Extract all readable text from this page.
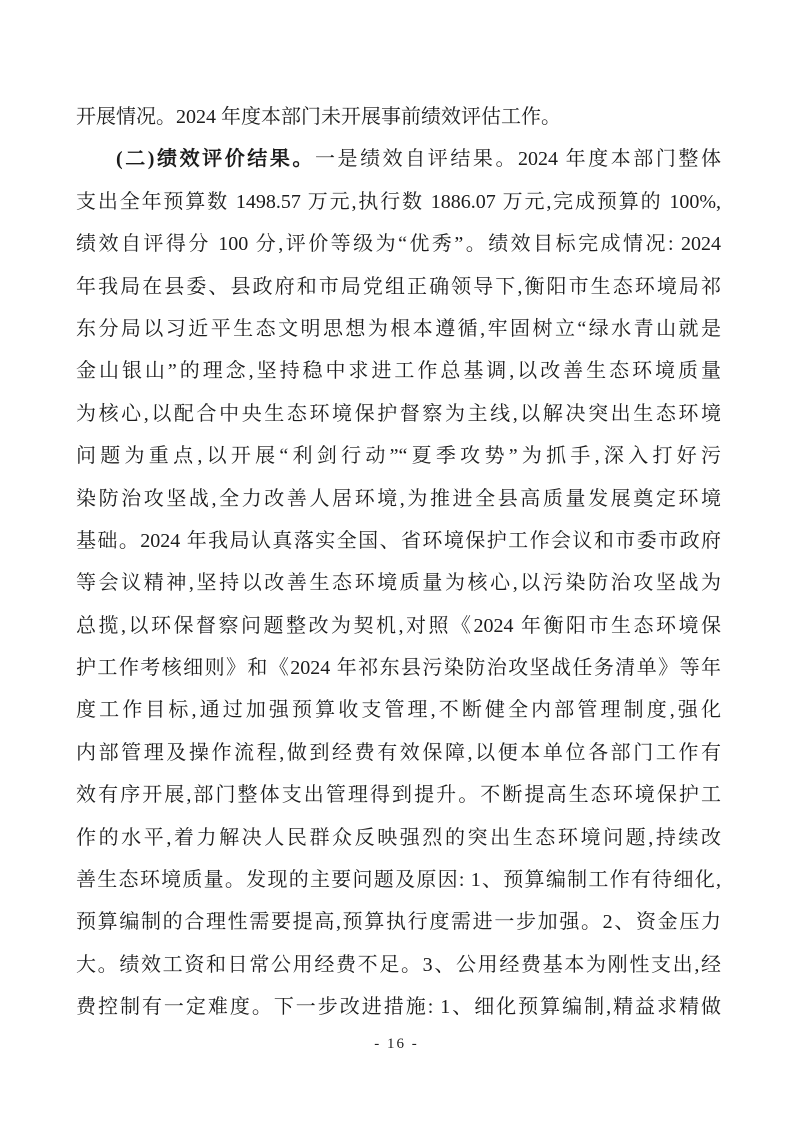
开展情况。2024 年度本部门未开展事前绩效评估工作。
(二)绩效评价结果。一是绩效自评结果。2024 年度本部门整体
支出全年预算数 1498.57 万元,执行数 1886.07 万元,完成预算的 100%,
绩效自评得分 100 分,评价等级为“优秀”。绩效目标完成情况: 2024
年我局在县委、县政府和市局党组正确领导下,衡阳市生态环境局祁
东分局以习近平生态文明思想为根本遵循,牢固树立“绿水青山就是
金山银山”的理念,坚持稳中求进工作总基调,以改善生态环境质量
为核心,以配合中央生态环境保护督察为主线,以解决突出生态环境
问题为重点,以开展“利剑行动”“夏季攻势”为抓手,深入打好污
染防治攻坚战,全力改善人居环境,为推进全县高质量发展奠定环境
基础。2024 年我局认真落实全国、省环境保护工作会议和市委市政府
等会议精神,坚持以改善生态环境质量为核心,以污染防治攻坚战为
总揽,以环保督察问题整改为契机,对照《2024 年衡阳市生态环境保
护工作考核细则》和《2024 年祁东县污染防治攻坚战任务清单》等年
度工作目标,通过加强预算收支管理,不断健全内部管理制度,强化
内部管理及操作流程,做到经费有效保障,以便本单位各部门工作有
效有序开展,部门整体支出管理得到提升。不断提高生态环境保护工
作的水平,着力解决人民群众反映强烈的突出生态环境问题,持续改
善生态环境质量。发现的主要问题及原因: 1、预算编制工作有待细化,
预算编制的合理性需要提高,预算执行度需进一步加强。2、资金压力
大。绩效工资和日常公用经费不足。3、公用经费基本为刚性支出,经
费控制有一定难度。下一步改进措施: 1、细化预算编制,精益求精做
- 16 -
